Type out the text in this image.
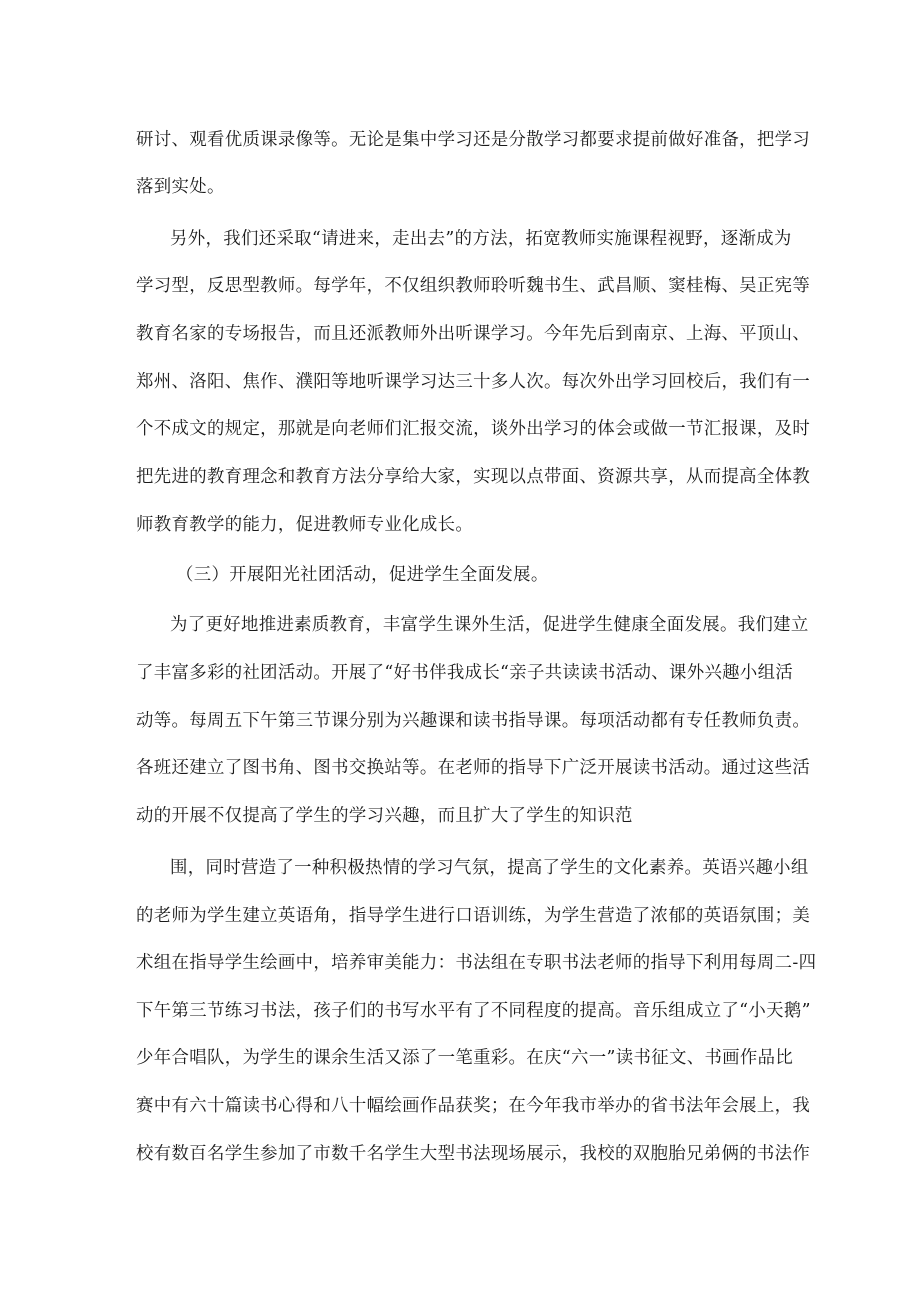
研讨、观看优质课录像等。无论是集中学习还是分散学习都要求提前做好准备，把学习
落到实处。
另外，我们还采取“请进来，走出去”的方法，拓宽教师实施课程视野，逐渐成为
学习型，反思型教师。每学年，不仅组织教师聆听魏书生、武昌顺、窦桂梅、吴正宪等
教育名家的专场报告，而且还派教师外出听课学习。今年先后到南京、上海、平顶山、
郑州、洛阳、焦作、濮阳等地听课学习达三十多人次。每次外出学习回校后，我们有一
个不成文的规定，那就是向老师们汇报交流，谈外出学习的体会或做一节汇报课，及时
把先进的教育理念和教育方法分享给大家，实现以点带面、资源共享，从而提高全体教
师教育教学的能力，促进教师专业化成长。
（三）开展阳光社团活动，促进学生全面发展。
为了更好地推进素质教育，丰富学生课外生活，促进学生健康全面发展。我们建立
了丰富多彩的社团活动。开展了“好书伴我成长“亲子共读读书活动、课外兴趣小组活
动等。每周五下午第三节课分别为兴趣课和读书指导课。每项活动都有专任教师负责。
各班还建立了图书角、图书交换站等。在老师的指导下广泛开展读书活动。通过这些活
动的开展不仅提高了学生的学习兴趣，而且扩大了学生的知识范
围，同时营造了一种积极热情的学习气氛，提高了学生的文化素养。英语兴趣小组
的老师为学生建立英语角，指导学生进行口语训练，为学生营造了浓郁的英语氛围；美
术组在指导学生绘画中，培养审美能力：书法组在专职书法老师的指导下利用每周二-四
下午第三节练习书法，孩子们的书写水平有了不同程度的提高。音乐组成立了“小天鹅”
少年合唱队，为学生的课余生活又添了一笔重彩。在庆“六一”读书征文、书画作品比
赛中有六十篇读书心得和八十幅绘画作品获奖；在今年我市举办的省书法年会展上，我
校有数百名学生参加了市数千名学生大型书法现场展示，我校的双胞胎兄弟俩的书法作
